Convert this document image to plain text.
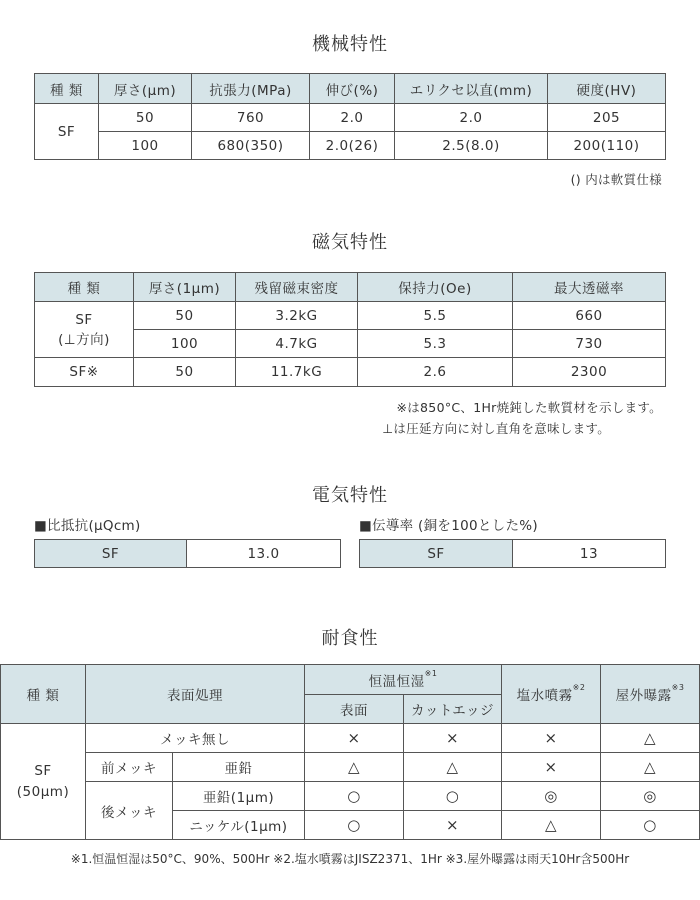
機械特性
種 類	厚さ(μm)	抗張力(MPa)	伸び(%)	エリクセ以直(mm)	硬度(HV)
SF	50	760	2.0	2.0	205
	100	680(350)	2.0(26)	2.5(8.0)	200(110)
() 内は軟質仕様
磁気特性
種 類	厚さ(1μm)	残留磁束密度	保持力(Oe)	最大透磁率

SF
(⊥方向)	50	3.2kG	5.5	660
	100	4.7kG	5.3	730
SF※	50	11.7kG	2.6	2300
※は850°C、1Hr焼鈍した軟質材を示します。
⊥は圧延方向に対し直角を意味します。
電気特性
■比抵抗(μQcm)
SF	13.0
■伝導率 (銅を100とした%)
SF	13
耐食性
種 類	表面処理		恒温恒湿$^{※1}$		塩水噴霧$^{※2}$	屋外曝露$^{※3}$
			表面	カットエッジ		

SF
(50μm)	メッキ無し		×	×	×	△
	前メッキ	亜鉛	△	△	×	△
	後メッキ	亜鉛(1μm)	○	○	◎	◎
		ニッケル(1μm)	○	×	△	○
※1.恒温恒湿は50°C、90%、500Hr ※2.塩水噴霧はJISZ2371、1Hr ※3.屋外曝露は雨天10Hr含500Hr
